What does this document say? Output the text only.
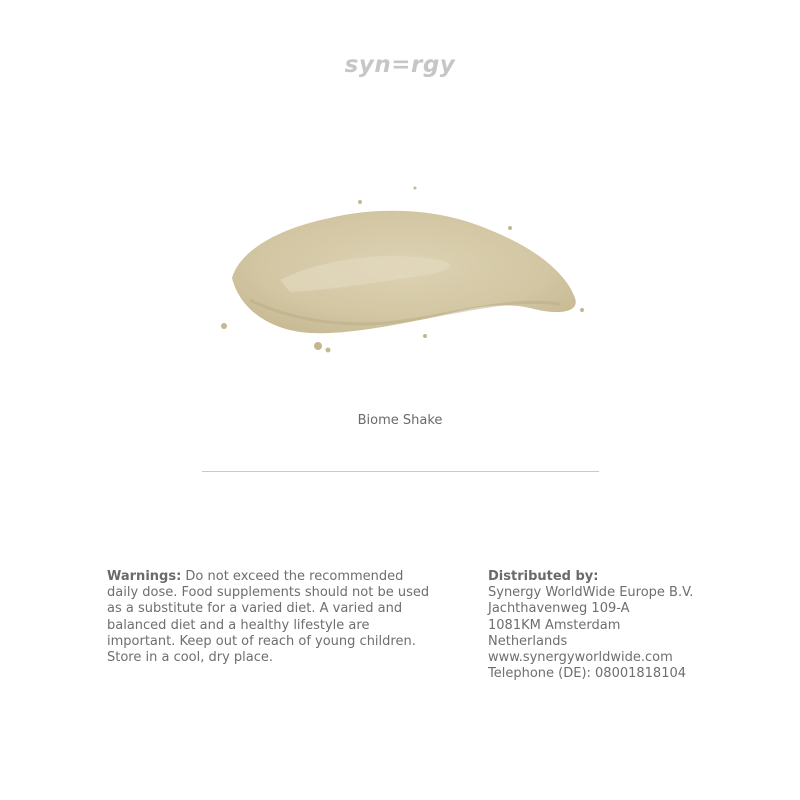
syn=rgy
Biome Shake
Warnings: Do not exceed the recommended daily dose. Food supplements should not be used as a substitute for a varied diet. A varied and balanced diet and a healthy lifestyle are important. Keep out of reach of young children. Store in a cool, dry place.
Distributed by:
Synergy WorldWide Europe B.V.
Jachthavenweg 109-A
1081KM Amsterdam
Netherlands
www.synergyworldwide.com
Telephone (DE): 08001818104
